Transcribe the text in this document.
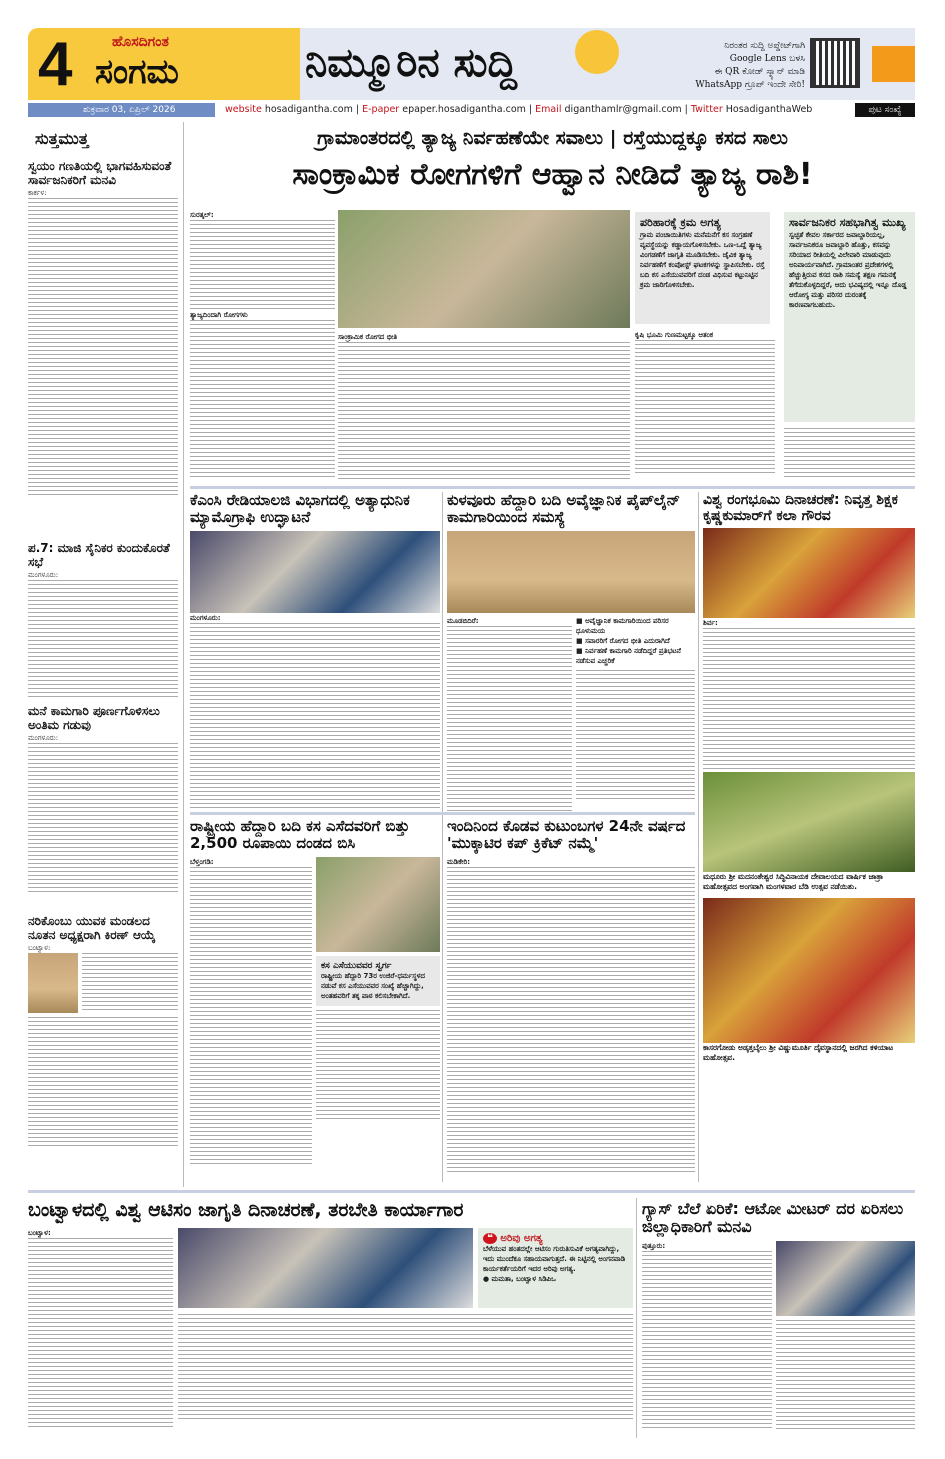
4	ಹೊಸದಿಗಂತ
ಸಂಗಮ	ನಿಮ್ಮೂರಿನ ಸುದ್ದಿ	ನಿರಂತರ ಸುದ್ದಿ ಅಪ್ಡೇಟ್‌ಗಾಗಿ
Google Lens ಬಳಸಿ
ಈ QR ಕೋಡ್ ಸ್ಕ್ಯಾನ್ ಮಾಡಿ
WhatsApp ಗ್ರೂಪ್ ಇಂದೇ ಸೇರಿ!
ಶುಕ್ರವಾರ 03, ಏಪ್ರಿಲ್ 2026	website hosadigantha.com | E-paper epaper.hosadigantha.com | Email diganthamlr@gmail.com | Twitter HosadiganthaWeb	ಪುಟ ಸಂಖ್ಯೆ
ಸುತ್ತಮುತ್ತ
ಸ್ವಯಂ ಗಣತಿಯಲ್ಲಿ ಭಾಗವಹಿಸುವಂತೆ ಸಾರ್ವಜನಿಕರಿಗೆ ಮನವಿ
ಕಾರ್ಕಳ:
ಪ.7: ಮಾಜಿ ಸೈನಿಕರ ಕುಂದುಕೊರತೆ ಸಭೆ
ಮಂಗಳೂರು:
ಮನೆ ಕಾಮಗಾರಿ ಪೂರ್ಣಗೊಳಿಸಲು ಅಂತಿಮ ಗಡುವು
ಮಂಗಳೂರು:
ನರಿಕೊಂಬು ಯುವಕ ಮಂಡಲದ ನೂತನ ಅಧ್ಯಕ್ಷರಾಗಿ ಕಿರಣ್ ಆಯ್ಕೆ
ಬಂಟ್ವಾಳ:
ಗ್ರಾಮಾಂತರದಲ್ಲಿ ತ್ಯಾಜ್ಯ ನಿರ್ವಹಣೆಯೇ ಸವಾಲು | ರಸ್ತೆಯುದ್ದಕ್ಕೂ ಕಸದ ಸಾಲು
ಸಾಂಕ್ರಾಮಿಕ ರೋಗಗಳಿಗೆ ಆಹ್ವಾನ ನೀಡಿದೆ ತ್ಯಾಜ್ಯ ರಾಶಿ!
ಸುರತ್ಕಲ್:
ತ್ಯಾಜ್ಯದಿಂದಾಗಿ ರೋಗಗಳು
ಸಾಂಕ್ರಾಮಿಕ ರೋಗದ ಭೀತಿ
ಪರಿಹಾರಕ್ಕೆ ಕ್ರಮ ಅಗತ್ಯ
ಗ್ರಾಮ ಪಂಚಾಯಿತಿಗಳು ಮನೆಮನೆಗೆ ಕಸ ಸಂಗ್ರಹಣೆ ವ್ಯವಸ್ಥೆಯನ್ನು ಕಡ್ಡಾಯಗೊಳಿಸಬೇಕು. ಒಣ-ಒದ್ದೆ ತ್ಯಾಜ್ಯ ವಿಂಗಡಣೆಗೆ ಜಾಗೃತಿ ಮೂಡಿಸಬೇಕು. ಜೈವಿಕ ತ್ಯಾಜ್ಯ ನಿರ್ವಹಣೆಗೆ ಕಂಪೋಸ್ಟ್ ಘಟಕಗಳನ್ನು ಸ್ಥಾಪಿಸಬೇಕು. ರಸ್ತೆ ಬದಿ ಕಸ ಎಸೆಯುವವರಿಗೆ ದಂಡ ವಿಧಿಸುವ ಕಟ್ಟುನಿಟ್ಟಿನ ಕ್ರಮ ಜಾರಿಗೊಳಿಸಬೇಕು.
ಕೃಷಿ ಭೂಮಿ ಗುಣಮಟ್ಟಕ್ಕೂ ಆತಂಕ
ಸಾರ್ವಜನಿಕರ ಸಹಭಾಗಿತ್ವ ಮುಖ್ಯ
ಸ್ವಚ್ಛತೆ ಕೇವಲ ಸರ್ಕಾರದ ಜವಾಬ್ದಾರಿಯಲ್ಲ, ಸಾರ್ವಜನಿಕರೂ ಜವಾಬ್ದಾರಿ ಹೊತ್ತು, ಕಸವನ್ನು ಸರಿಯಾದ ರೀತಿಯಲ್ಲಿ ವಿಲೇವಾರಿ ಮಾಡುವುದು ಅನಿವಾರ್ಯವಾಗಿದೆ. ಗ್ರಾಮಾಂತರ ಪ್ರದೇಶಗಳಲ್ಲಿ ಹೆಚ್ಚುತ್ತಿರುವ ಕಸದ ರಾಶಿ ಸಮಸ್ಯೆ ತಕ್ಷಣ ಗಮನಕ್ಕೆ ತೆಗೆದುಕೊಳ್ಳದಿದ್ದರೆ, ಆದು ಭವಿಷ್ಯದಲ್ಲಿ ಇನ್ನೂ ದೊಡ್ಡ ಆರೋಗ್ಯ ಮತ್ತು ಪರಿಸರ ದುರಂತಕ್ಕೆ ಕಾರಣವಾಗಬಹುದು.
ಕೆಎಂಸಿ ರೇಡಿಯಾಲಜಿ ವಿಭಾಗದಲ್ಲಿ ಅತ್ಯಾಧುನಿಕ ಮ್ಯಾಮೊಗ್ರಾಫಿ ಉದ್ಘಾಟನೆ
ಮಂಗಳೂರು:
ಕುಳವೂರು ಹೆದ್ದಾರಿ ಬದಿ ಅವೈಜ್ಞಾನಿಕ ಪೈಪ್‌ಲೈನ್ ಕಾಮಗಾರಿಯಿಂದ ಸಮಸ್ಯೆ
ಮೂಡಬಿದಿರೆ:	■ ಅವೈಜ್ಞಾನಿಕ ಕಾಮಗಾರಿಯಿಂದ ಪರಿಸರ ಧೂಳುಮಯ
■ ಸವಾರರಿಗೆ ರೋಗದ ಭೀತಿ ಎದುರಾಗಿದೆ
■ ನಿರ್ವಹಣೆ ಕಾಮಗಾರಿ ನಡೆದಿದ್ದರೆ ಪ್ರತಿಭಟನೆ ನಡೆಸುವ ಎಚ್ಚರಿಕೆ
ವಿಶ್ವ ರಂಗಭೂಮಿ ದಿನಾಚರಣೆ: ನಿವೃತ್ತ ಶಿಕ್ಷಕ ಕೃಷ್ಣಕುಮಾರ್‌ಗೆ ಕಲಾ ಗೌರವ
ಶಿರ್ವ:
ರಾಷ್ಟ್ರೀಯ ಹೆದ್ದಾರಿ ಬದಿ ಕಸ ಎಸೆದವರಿಗೆ ಬಿತ್ತು 2,500 ರೂಪಾಯಿ ದಂಡದ ಬಿಸಿ
ಬೆಳ್ತಂಗಡಿ:
ಕಸ ಎಸೆಯುವವರ ಸ್ವರ್ಗ
ರಾಷ್ಟ್ರೀಯ ಹೆದ್ದಾರಿ 73ರ ಉಜಿರೆ-ಧರ್ಮಸ್ಥಳದ ನಡುವೆ ಕಸ ಎಸೆಯುವವರ ಸಂಖ್ಯೆ ಹೆಚ್ಚಾಗಿದ್ದು, ಅಂತಹವರಿಗೆ ತಕ್ಕ ಪಾಠ ಕಲಿಸಬೇಕಾಗಿದೆ.
ಇಂದಿನಿಂದ ಕೊಡವ ಕುಟುಂಬಗಳ 24ನೇ ವರ್ಷದ 'ಮುಕ್ಕಾಟಿರ ಕಪ್ ಕ್ರಿಕೆಟ್ ನಮ್ಮೆ'
ಮಡಿಕೇರಿ:
ಮಧೂರು ಶ್ರೀ ಮದನಂತೇಶ್ವರ ಸಿದ್ಧಿವಿನಾಯಕ ದೇವಾಲಯದ ವಾರ್ಷಿಕ ಜಾತ್ರಾ ಮಹೋತ್ಸವದ ಅಂಗವಾಗಿ ಮಂಗಳವಾರ ಬೆಡಿ ಉತ್ಸವ ನಡೆಯಿತು.
ಕಾಸರಗೋಡು ಅಡ್ಕತ್ತಬೈಲು ಶ್ರೀ ವಿಷ್ಣುಮೂರ್ತಿ ದೈವಸ್ಥಾನದಲ್ಲಿ ಜರಗಿದ ಕಳಿಯಾಟ ಮಹೋತ್ಸವ.
ಬಂಟ್ವಾಳದಲ್ಲಿ ವಿಶ್ವ ಆಟಿಸಂ ಜಾಗೃತಿ ದಿನಾಚರಣೆ, ತರಬೇತಿ ಕಾರ್ಯಾಗಾರ
ಬಂಟ್ವಾಳ:	❝ ಅರಿವು ಅಗತ್ಯ
ಬೆಳೆಯುವ ಹಂತದಲ್ಲೇ ಆಟಿಸಂ ಗುರುತಿಸುವಿಕೆ ಅಗತ್ಯವಾಗಿದ್ದು, ಇದು ಮುಂದೆಕೂ ಸಹಾಯವಾಗುತ್ತದೆ. ಈ ನಿಟ್ಟಿನಲ್ಲಿ ಅಂಗನವಾಡಿ ಕಾರ್ಯಕರ್ತೆಯರಿಗೆ ಇದರ ಅರಿವು ಅಗತ್ಯ.
● ಮಮತಾ, ಬಂಟ್ವಾಳ ಸಿಡಿಪಿಒ
ಗ್ಯಾಸ್ ಬೆಲೆ ಏರಿಕೆ: ಆಟೋ ಮೀಟರ್ ದರ ಏರಿಸಲು ಜಿಲ್ಲಾಧಿಕಾರಿಗೆ ಮನವಿ
ಪುತ್ತೂರು:
